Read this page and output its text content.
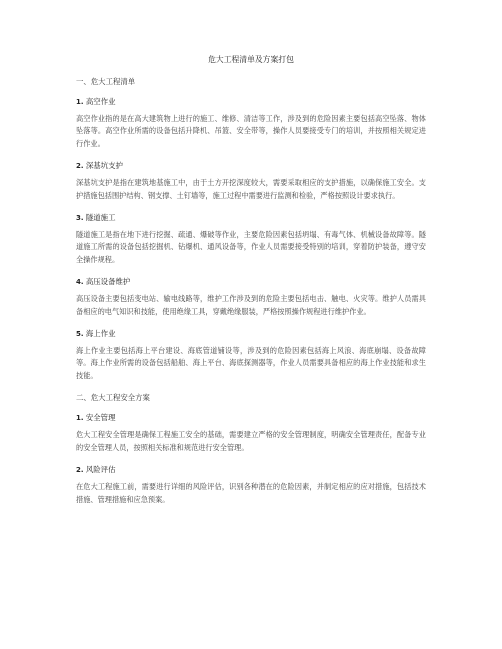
危大工程清单及方案打包
一、危大工程清单
1. 高空作业
高空作业指的是在高大建筑物上进行的施工、维修、清洁等工作，涉及到的危险因素主要包括高空坠落、物体坠落等。高空作业所需的设备包括升降机、吊篮、安全带等，操作人员要接受专门的培训，并按照相关规定进行作业。
2. 深基坑支护
深基坑支护是指在建筑地基施工中，由于土方开挖深度较大，需要采取相应的支护措施，以确保施工安全。支护措施包括围护结构、钢支撑、土钉墙等，施工过程中需要进行监测和检验，严格按照设计要求执行。
3. 隧道施工
隧道施工是指在地下进行挖掘、疏通、爆破等作业，主要危险因素包括坍塌、有毒气体、机械设备故障等。隧道施工所需的设备包括挖掘机、钻爆机、通风设备等，作业人员需要接受特别的培训，穿着防护装备，遵守安全操作规程。
4. 高压设备维护
高压设备主要包括变电站、输电线路等，维护工作涉及到的危险主要包括电击、触电、火灾等。维护人员需具备相应的电气知识和技能，使用绝缘工具，穿戴绝缘服装，严格按照操作规程进行维护作业。
5. 海上作业
海上作业主要包括海上平台建设、海底管道铺设等，涉及到的危险因素包括海上风浪、海底崩塌、设备故障等。海上作业所需的设备包括船舶、海上平台、海底探测器等，作业人员需要具备相应的海上作业技能和求生技能。
二、危大工程安全方案
1. 安全管理
危大工程安全管理是确保工程施工安全的基础，需要建立严格的安全管理制度，明确安全管理责任，配备专业的安全管理人员，按照相关标准和规范进行安全管理。
2. 风险评估
在危大工程施工前，需要进行详细的风险评估，识别各种潜在的危险因素，并制定相应的应对措施，包括技术措施、管理措施和应急预案。
